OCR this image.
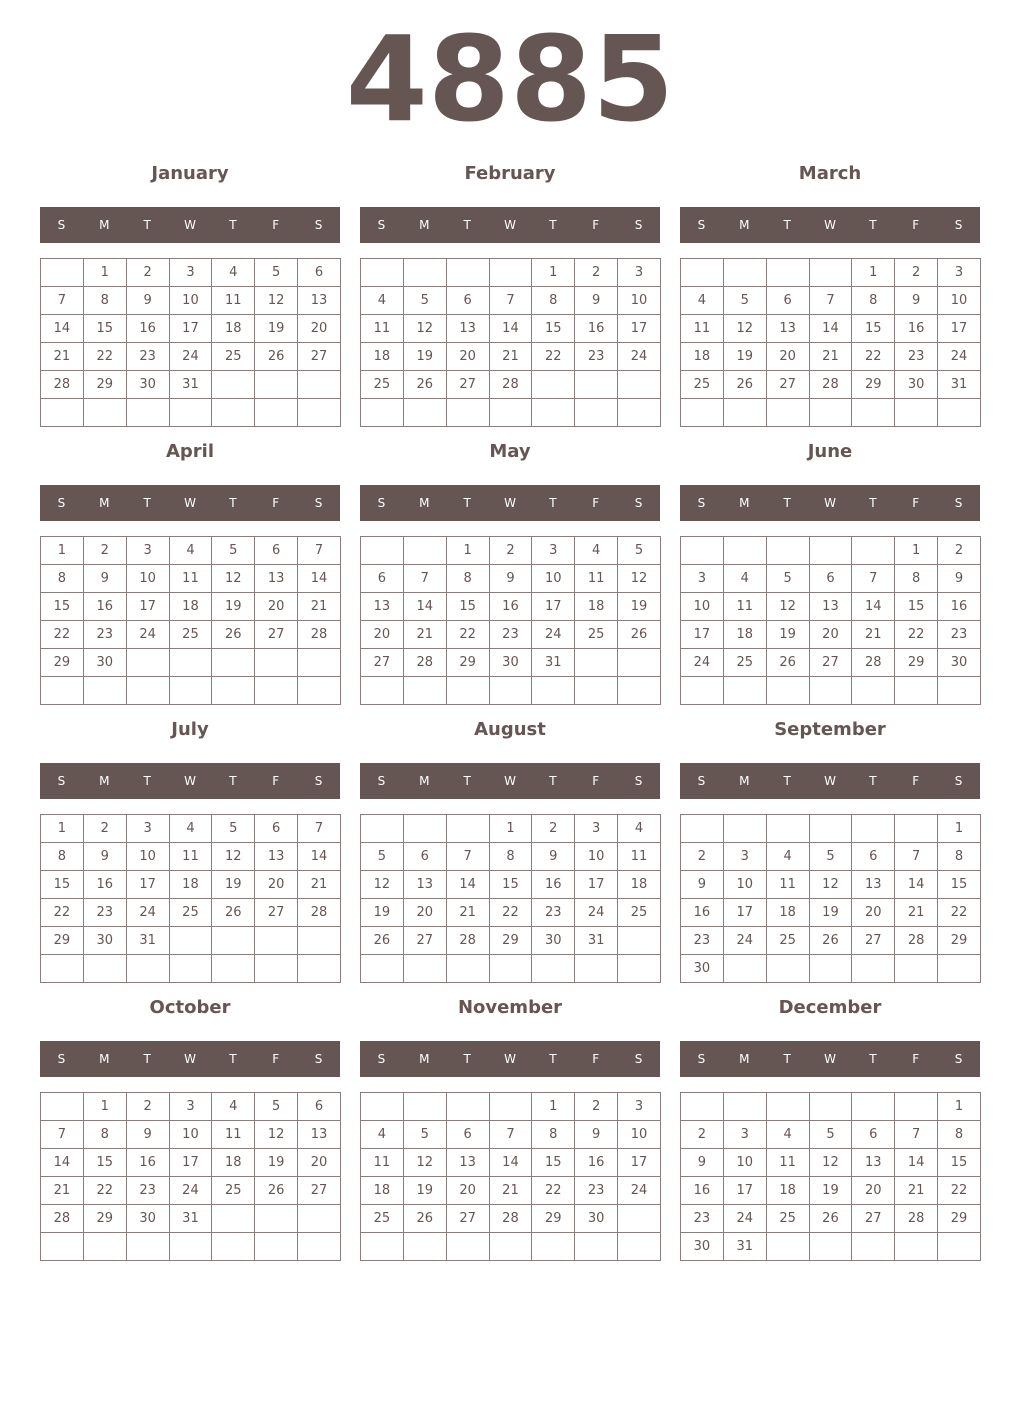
4885
January
S	M	T	W	T	F	S
	1	2	3	4	5	6
7	8	9	10	11	12	13
14	15	16	17	18	19	20
21	22	23	24	25	26	27
28	29	30	31			

February
S	M	T	W	T	F	S
				1	2	3
4	5	6	7	8	9	10
11	12	13	14	15	16	17
18	19	20	21	22	23	24
25	26	27	28			

March
S	M	T	W	T	F	S
				1	2	3
4	5	6	7	8	9	10
11	12	13	14	15	16	17
18	19	20	21	22	23	24
25	26	27	28	29	30	31

April
S	M	T	W	T	F	S
1	2	3	4	5	6	7
8	9	10	11	12	13	14
15	16	17	18	19	20	21
22	23	24	25	26	27	28
29	30					

May
S	M	T	W	T	F	S
		1	2	3	4	5
6	7	8	9	10	11	12
13	14	15	16	17	18	19
20	21	22	23	24	25	26
27	28	29	30	31		

June
S	M	T	W	T	F	S
					1	2
3	4	5	6	7	8	9
10	11	12	13	14	15	16
17	18	19	20	21	22	23
24	25	26	27	28	29	30

July
S	M	T	W	T	F	S
1	2	3	4	5	6	7
8	9	10	11	12	13	14
15	16	17	18	19	20	21
22	23	24	25	26	27	28
29	30	31				

August
S	M	T	W	T	F	S
			1	2	3	4
5	6	7	8	9	10	11
12	13	14	15	16	17	18
19	20	21	22	23	24	25
26	27	28	29	30	31	

September
S	M	T	W	T	F	S
						1
2	3	4	5	6	7	8
9	10	11	12	13	14	15
16	17	18	19	20	21	22
23	24	25	26	27	28	29
30						
October
S	M	T	W	T	F	S
	1	2	3	4	5	6
7	8	9	10	11	12	13
14	15	16	17	18	19	20
21	22	23	24	25	26	27
28	29	30	31			

November
S	M	T	W	T	F	S
				1	2	3
4	5	6	7	8	9	10
11	12	13	14	15	16	17
18	19	20	21	22	23	24
25	26	27	28	29	30	

December
S	M	T	W	T	F	S
						1
2	3	4	5	6	7	8
9	10	11	12	13	14	15
16	17	18	19	20	21	22
23	24	25	26	27	28	29
30	31					
